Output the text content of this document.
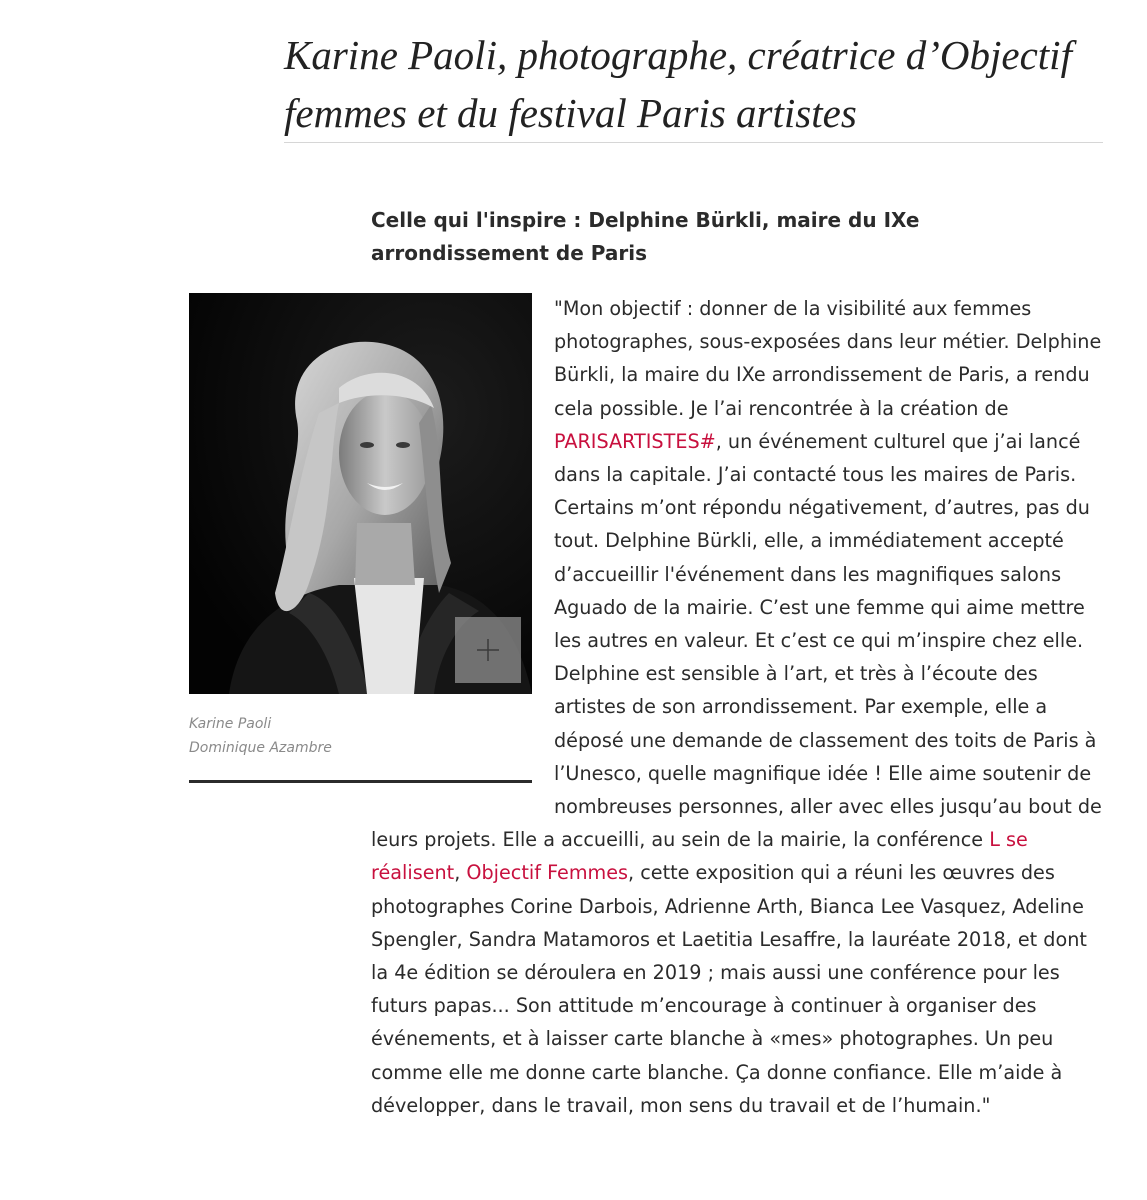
Karine Paoli, photographe, créatrice d’Objectif femmes et du festival Paris artistes
Celle qui l'inspire : Delphine Bürkli, maire du IXe arrondissement de Paris
Karine Paoli
Dominique Azambre
"Mon objectif : donner de la visibilité aux femmes photographes, sous-exposées dans leur métier. Delphine Bürkli, la maire du IXe arrondissement de Paris, a rendu cela possible. Je l’ai rencontrée à la création de PARISARTISTES#, un événement culturel que j’ai lancé dans la capitale. J’ai contacté tous les maires de Paris. Certains m’ont répondu négativement, d’autres, pas du tout. Delphine Bürkli, elle, a immédiatement accepté d’accueillir l'événement dans les magnifiques salons Aguado de la mairie. C’est une femme qui aime mettre les autres en valeur. Et c’est ce qui m’inspire chez elle. Delphine est sensible à l’art, et très à l’écoute des artistes de son arrondissement. Par exemple, elle a déposé une demande de classement des toits de Paris à l’Unesco, quelle magnifique idée ! Elle aime soutenir de nombreuses personnes, aller avec elles jusqu’au bout de leurs projets. Elle a accueilli, au sein de la mairie, la conférence L se réalisent, Objectif Femmes, cette exposition qui a réuni les œuvres des photographes Corine Darbois, Adrienne Arth, Bianca Lee Vasquez, Adeline Spengler, Sandra Matamoros et Laetitia Lesaffre, la lauréate 2018, et dont la 4e édition se déroulera en 2019 ; mais aussi une conférence pour les futurs papas... Son attitude m’encourage à continuer à organiser des événements, et à laisser carte blanche à «mes» photographes. Un peu comme elle me donne carte blanche. Ça donne confiance. Elle m’aide à développer, dans le travail, mon sens du travail et de l’humain."
